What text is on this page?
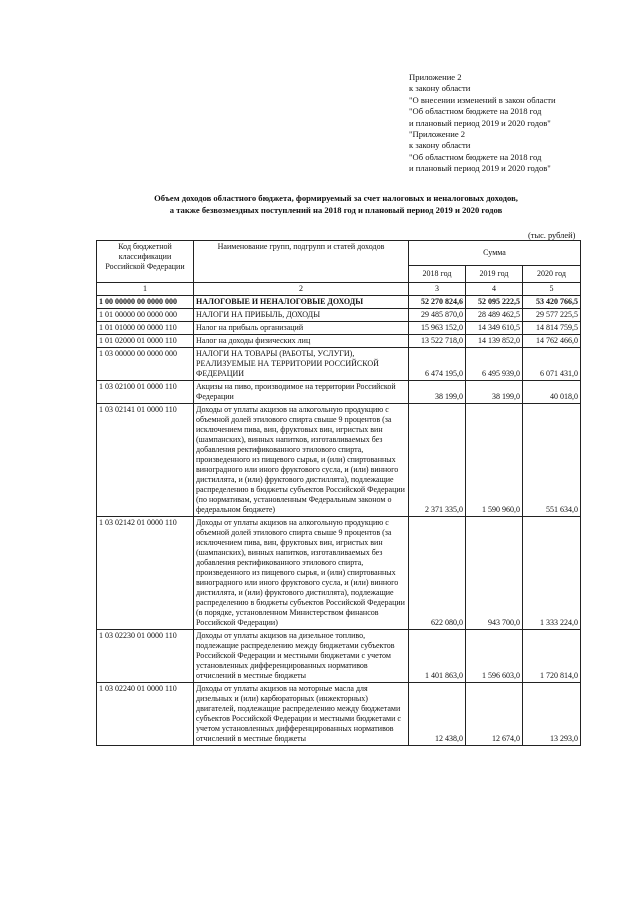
Приложение 2
к закону области
"О внесении изменений в закон области
"Об областном бюджете на 2018 год
и плановый период 2019 и 2020 годов"
"Приложение 2
к закону области
"Об областном бюджете на 2018 год
и плановый период 2019 и 2020 годов"
Объем доходов областного бюджета, формируемый за счет налоговых и неналоговых доходов,
а также безвозмездных поступлений на 2018 год и плановый период 2019 и 2020 годов
(тыс. рублей)
Код бюджетной классификации Российской Федерации	Наименование групп, подгрупп и статей доходов	Сумма		
		2018 год	2019 год	2020 год
1	2	3	4	5
1 00 00000 00 0000 000	НАЛОГОВЫЕ И НЕНАЛОГОВЫЕ ДОХОДЫ	52 270 824,6	52 095 222,5	53 420 766,5
1 01 00000 00 0000 000	НАЛОГИ НА ПРИБЫЛЬ, ДОХОДЫ	29 485 870,0	28 489 462,5	29 577 225,5
1 01 01000 00 0000 110	Налог на прибыль организаций	15 963 152,0	14 349 610,5	14 814 759,5
1 01 02000 01 0000 110	Налог на доходы физических лиц	13 522 718,0	14 139 852,0	14 762 466,0
1 03 00000 00 0000 000	НАЛОГИ НА ТОВАРЫ (РАБОТЫ, УСЛУГИ), РЕАЛИЗУЕМЫЕ НА ТЕРРИТОРИИ РОССИЙСКОЙ ФЕДЕРАЦИИ	6 474 195,0	6 495 939,0	6 071 431,0
1 03 02100 01 0000 110	Акцизы на пиво, производимое на территории Российской Федерации	38 199,0	38 199,0	40 018,0
1 03 02141 01 0000 110	Доходы от уплаты акцизов на алкогольную продукцию с объемной долей этилового спирта свыше 9 процентов (за исключением пива, вин, фруктовых вин, игристых вин (шампанских), винных напитков, изготавливаемых без добавления ректификованного этилового спирта, произведенного из пищевого сырья, и (или) спиртованных виноградного или иного фруктового сусла, и (или) винного дистиллята, и (или) фруктового дистиллята), подлежащие распределению в бюджеты субъектов Российской Федерации (по нормативам, установленным Федеральным законом о федеральном бюджете)	2 371 335,0	1 590 960,0	551 634,0
1 03 02142 01 0000 110	Доходы от уплаты акцизов на алкогольную продукцию с объемной долей этилового спирта свыше 9 процентов (за исключением пива, вин, фруктовых вин, игристых вин (шампанских), винных напитков, изготавливаемых без добавления ректификованного этилового спирта, произведенного из пищевого сырья, и (или) спиртованных виноградного или иного фруктового сусла, и (или) винного дистиллята, и (или) фруктового дистиллята), подлежащие распределению в бюджеты субъектов Российской Федерации (в порядке, установленном Министерством финансов Российской Федерации)	622 080,0	943 700,0	1 333 224,0
1 03 02230 01 0000 110	Доходы от уплаты акцизов на дизельное топливо, подлежащие распределению между бюджетами субъектов Российской Федерации и местными бюджетами с учетом установленных дифференцированных нормативов отчислений в местные бюджеты	1 401 863,0	1 596 603,0	1 720 814,0
1 03 02240 01 0000 110	Доходы от уплаты акцизов на моторные масла для дизельных и (или) карбюраторных (инжекторных) двигателей, подлежащие распределению между бюджетами субъектов Российской Федерации и местными бюджетами с учетом установленных дифференцированных нормативов отчислений в местные бюджеты	12 438,0	12 674,0	13 293,0
